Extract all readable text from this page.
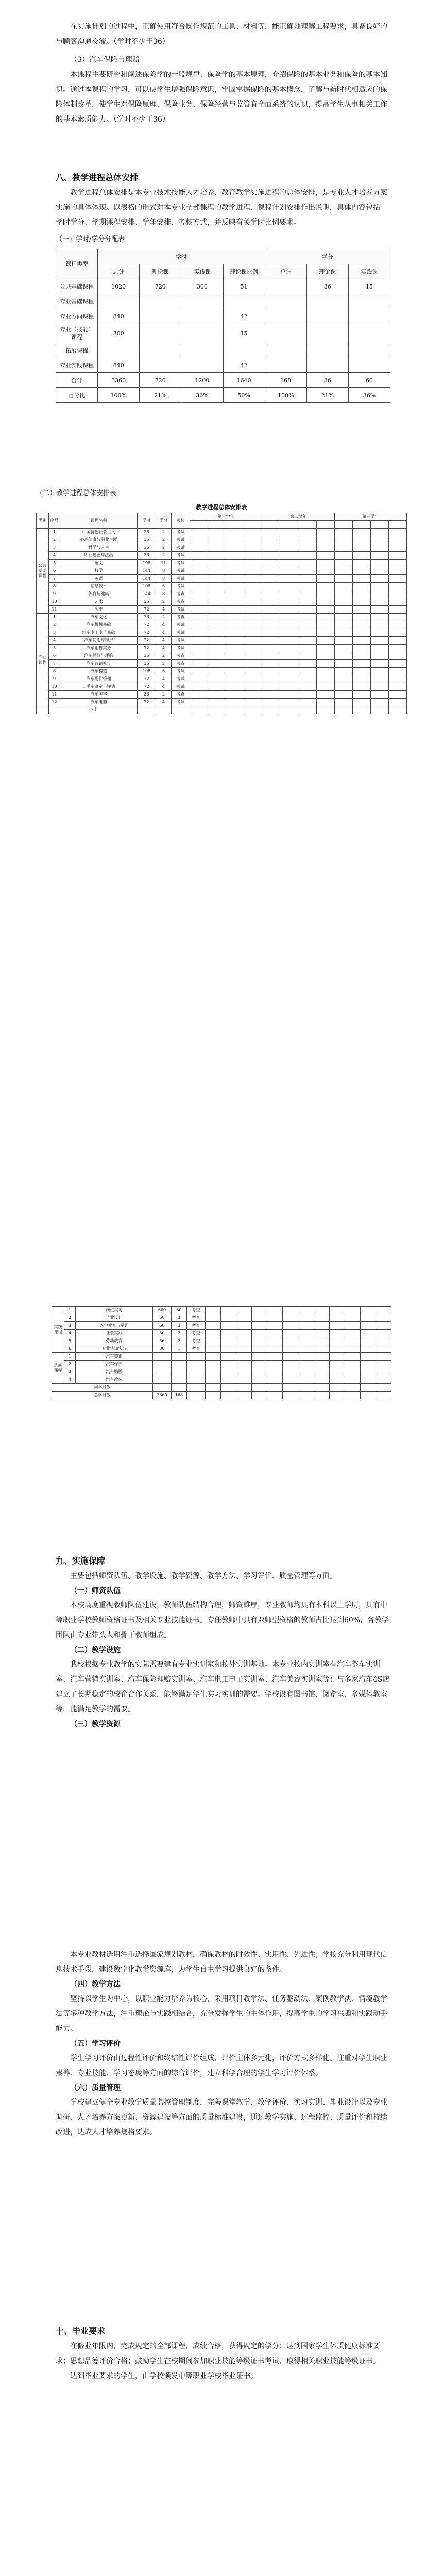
在实施计划的过程中，正确使用符合操作规范的工具、材料等，能正确地理解工程要求，具备良好的与顾客沟通交流。（学时不少于36）

（3）汽车保险与理赔

本课程主要研究和阐述保险学的一般规律、保险学的基本原理，介绍保险的基本业务和保险的基本知识。通过本课程的学习，可以使学生增强保险意识，牢固掌握保险的基本概念，了解与新时代相适应的保险体制改革，使学生对保险原理、保险业务、保险经营与监管有全面系统的认识，提高学生从事相关工作的基本素质能力。（学时不少于36）

八、教学进程总体安排

教学进程总体安排是本专业技术技能人才培养、教育教学实施进程的总体安排，是专业人才培养方案实施的具体体现。以表格的形式对本专业全部课程的教学进程、课程计划安排作出说明，具体内容包括：学时学分、学期课程安排、学年安排、考核方式，并反映有关学时比例要求。

（一）学时/学分分配表
课程类型	学时				学分		
	总计	理论课	实践课	理论课比例	总计	理论课	实践课
公共基础课程	1020	720	300	51		36	15
专业基础课程							
专业方向课程	840			42			
专业（技能）课程	300			15			
拓展课程							
专业实践课程	840			42			
合计	3360	720	1200	1640	168	36	60
百分比	100%	21%	36%	50%	100%	21%	36%
（二）教学进程总体安排表
教学进程总体安排表
类别	序号	课程名称	学时	学分	考核	第一学年				第二学年				第三学年			

公共基础课程	1	中国特色社会主义	36	2	考试												
	2	心理健康与职业生涯	36	2	考试												
	3	哲学与人生	36	2	考试												
	4	职业道德与法治	36	2	考试												
	5	语文	198	11	考试												
	6	数学	144	8	考试												
	7	英语	144	8	考试												
	8	信息技术	108	6	考试												
	9	体育与健康	144	8	考查												
	10	艺术	36	2	考查												
	11	历史	72	4	考试												
专业课程	1	汽车文化	36	2	考查												
	2	汽车机械基础	72	4	考试												
	3	汽车电工电子基础	72	4	考试												
	4	汽车使用与维护	72	4	考试												
	5	汽车销售实务	72	4	考试												
	6	汽车保险与理赔	36	2	考查												
	7	汽车营销礼仪	36	2	考查												
	8	汽车构造	108	6	考试												
	9	汽车配件管理	72	4	考试												
	10	二手车鉴定与评估	72	4	考试												
	11	汽车美容	36	2	考查												
	12	汽车电器	72	4	考试												
	小计																
实践课程	1	岗位实习	600	30	考查												
	2	毕业设计	60	3	考查												
	3	入学教育与军训	60	3	考查												
	4	社会实践	30	2	考查												
	5	劳动教育	36	2	考查												
	6	专业认知实习	30	1	考查												
选修课程	1	汽车装饰															
	2	汽车保养															
	3	汽车贴膜															
	4	汽车改装															
周学时数																	
总学时数			3360	168													
九、实施保障

主要包括师资队伍、教学设施、教学资源、教学方法、学习评价、质量管理等方面。

（一）师资队伍

本校高度重视教师队伍建设，教师队伍结构合理，师资雄厚，专业教师均具有本科以上学历，具有中等职业学校教师资格证书及相关专业技能证书。专任教师中具有双师型资格的教师占比达到60%，各教学团队由专业带头人和骨干教师组成。

（二）教学设施

我校根据专业教学的实际需要建有专业实训室和校外实训基地。本专业校内实训室有汽车整车实训室、汽车营销实训室、汽车保险理赔实训室、汽车电工电子实训室、汽车美容实训室等；与多家汽车4S店建立了长期稳定的校企合作关系，能够满足学生实习实训的需要。学校设有图书馆、阅览室、多媒体教室等，能满足教学的需要。

（三）教学资源

本专业教材选用注重选择国家规划教材，确保教材的时效性、实用性、先进性；学校充分利用现代信息技术手段，建设数字化教学资源库，为学生自主学习提供良好的条件。

（四）教学方法

坚持以学生为中心，以职业能力培养为核心，采用项目教学法、任务驱动法、案例教学法、情境教学法等多种教学方法，注重理论与实践相结合，充分发挥学生的主体作用，提高学生的学习兴趣和实践动手能力。

（五）学习评价

学生学习评价由过程性评价和终结性评价组成，评价主体多元化，评价方式多样化。注重对学生职业素养、专业技能、学习态度等方面的综合评价，建立科学合理的学生学习评价体系。

（六）质量管理

学校建立健全专业教学质量监控管理制度，完善课堂教学、教学评价、实习实训、毕业设计以及专业调研、人才培养方案更新、资源建设等方面的质量标准建设，通过教学实施、过程监控、质量评价和持续改进，达成人才培养规格要求。

十、毕业要求

在修业年限内，完成规定的全部课程，成绩合格，获得规定的学分；达到国家学生体质健康标准要求；思想品德评价合格；鼓励学生在校期间参加职业技能等级证书考试，取得相关职业技能等级证书。

达到毕业要求的学生，由学校颁发中等职业学校毕业证书。
